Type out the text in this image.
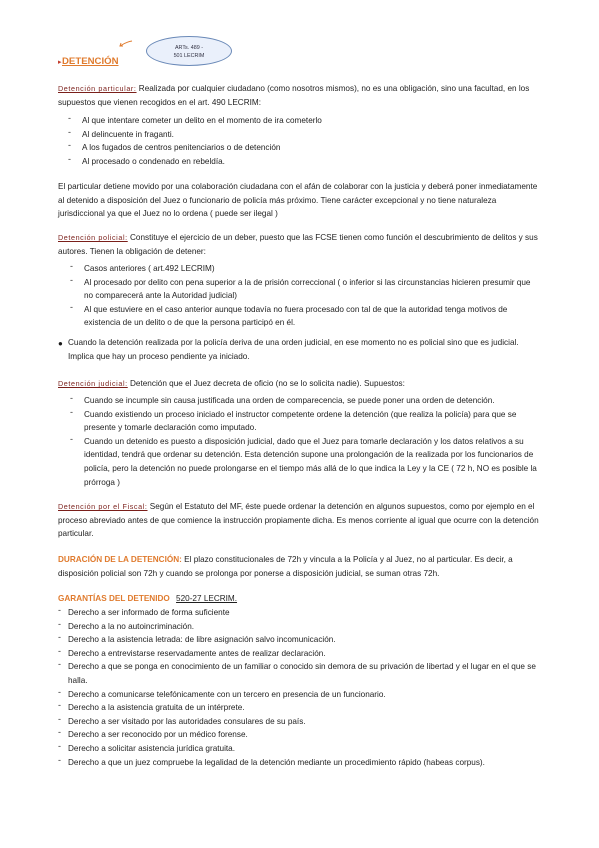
ARTs. 489 -
501 LECRIM
▸ DETENCIÓN
Detención particular: Realizada por cualquier ciudadano (como nosotros mismos), no es una obligación, sino una facultad, en los supuestos que vienen recogidos en el art. 490 LECRIM:
‐ Al que intentare cometer un delito en el momento de ira cometerlo
‐ Al delincuente in fraganti.
‐ A los fugados de centros penitenciarios o de detención
‐ Al procesado o condenado en rebeldía.
El particular detiene movido por una colaboración ciudadana con el afán de colaborar con la justicia y deberá poner inmediatamente al detenido a disposición del Juez o funcionario de policía más próximo. Tiene carácter excepcional y no tiene naturaleza jurisdiccional ya que el Juez no lo ordena ( puede ser ilegal )
Detención policial: Constituye el ejercicio de un deber, puesto que las FCSE tienen como función el descubrimiento de delitos y sus autores. Tienen la obligación de detener:
‐ Casos anteriores ( art.492 LECRIM)
‐ Al procesado por delito con pena superior a la de prisión correccional ( o inferior si las circunstancias hicieren presumir que no comparecerá ante la Autoridad judicial)
‐ Al que estuviere en el caso anterior aunque todavía no fuera procesado con tal de que la autoridad tenga motivos de existencia de un delito o de que la persona participó en él.
● Cuando la detención realizada por la policía deriva de una orden judicial, en ese momento no es policial sino que es judicial. Implica que hay un proceso pendiente ya iniciado.
Detención judicial: Detención que el Juez decreta de oficio (no se lo solicita nadie). Supuestos:
‐ Cuando se incumple sin causa justificada una orden de comparecencia, se puede poner una orden de detención.
‐ Cuando existiendo un proceso iniciado el instructor competente ordene la detención (que realiza la policía) para que se presente y tomarle declaración como imputado.
‐ Cuando un detenido es puesto a disposición judicial, dado que el Juez para tomarle declaración y los datos relativos a su identidad, tendrá que ordenar su detención. Esta detención supone una prolongación de la realizada por los funcionarios de policía, pero la detención no puede prolongarse en el tiempo más allá de lo que indica la Ley y la CE ( 72 h, NO es posible la prórroga )
Detención por el Fiscal: Según el Estatuto del MF, éste puede ordenar la detención en algunos supuestos, como por ejemplo en el proceso abreviado antes de que comience la instrucción propiamente dicha. Es menos corriente al igual que ocurre con la detención particular.
DURACIÓN DE LA DETENCIÓN: El plazo constitucionales de 72h y vincula a la Policía y al Juez, no al particular. Es decir, a disposición policial son 72h y cuando se prolonga por ponerse a disposición judicial, se suman otras 72h.
GARANTÍAS DEL DETENIDO 520-27 LECRIM.
‐ Derecho a ser informado de forma suficiente
‐ Derecho a la no autoincriminación.
‐ Derecho a la asistencia letrada: de libre asignación salvo incomunicación.
‐ Derecho a entrevistarse reservadamente antes de realizar declaración.
‐ Derecho a que se ponga en conocimiento de un familiar o conocido sin demora de su privación de libertad y el lugar en el que se halla.
‐ Derecho a comunicarse telefónicamente con un tercero en presencia de un funcionario.
‐ Derecho a la asistencia gratuita de un intérprete.
‐ Derecho a ser visitado por las autoridades consulares de su país.
‐ Derecho a ser reconocido por un médico forense.
‐ Derecho a solicitar asistencia jurídica gratuita.
‐ Derecho a que un juez compruebe la legalidad de la detención mediante un procedimiento rápido (habeas corpus).
